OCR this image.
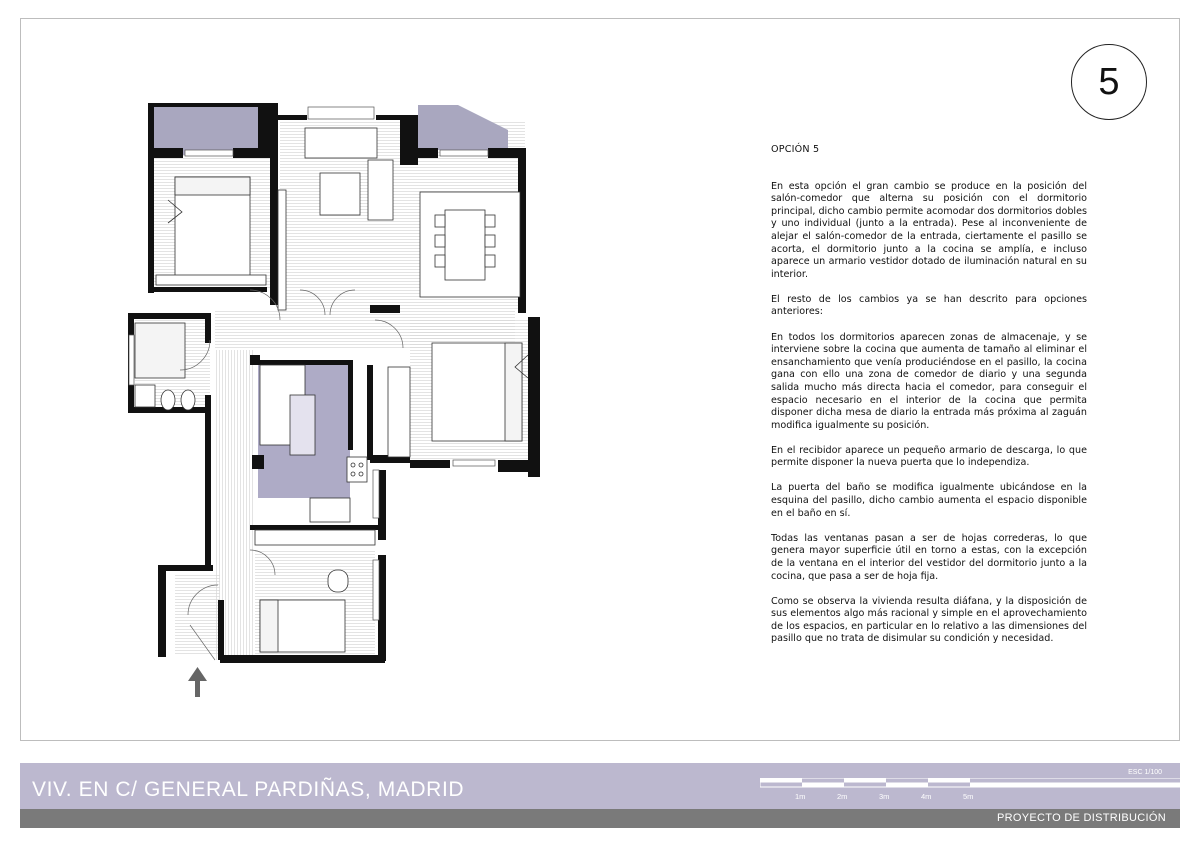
5
OPCIÓN 5

En esta opción el gran cambio se produce en la posición del salón-comedor que alterna su posición con el dormitorio principal, dicho cambio permite acomodar dos dormitorios dobles y uno individual (junto a la entrada). Pese al inconveniente de alejar el salón-comedor de la entrada, ciertamente el pasillo se acorta, el dormitorio junto a la cocina se amplía, e incluso aparece un armario vestidor dotado de iluminación natural en su interior.

El resto de los cambios ya se han descrito para opciones anteriores:

En todos los dormitorios aparecen zonas de almacenaje, y se interviene sobre la cocina que aumenta de tamaño al eliminar el ensanchamiento que venía produciéndose en el pasillo, la cocina gana con ello una zona de comedor de diario y una segunda salida mucho más directa hacia el comedor, para conseguir el espacio necesario en el interior de la cocina que permita disponer dicha mesa de diario la entrada más próxima al zaguán modifica igualmente su posición.

En el recibidor aparece un pequeño armario de descarga, lo que permite disponer la nueva puerta que lo independiza.

La puerta del baño se modifica igualmente ubicándose en la esquina del pasillo, dicho cambio aumenta el espacio disponible en el baño en sí.

Todas las ventanas pasan a ser de hojas correderas, lo que genera mayor superficie útil en torno a estas, con la excepción de la ventana en el interior del vestidor del dormitorio junto a la cocina, que pasa a ser de hoja fija.

Como se observa la vivienda resulta diáfana, y la disposición de sus elementos algo más racional y simple en el aprovechamiento de los espacios, en particular en lo relativo a las dimensiones del pasillo que no trata de disimular su condición y necesidad.

VIV. EN C/ GENERAL PARDIÑAS, MADRID
ESC 1/100
1m	2m	3m	4m	5m
PROYECTO DE DISTRIBUCIÓN
